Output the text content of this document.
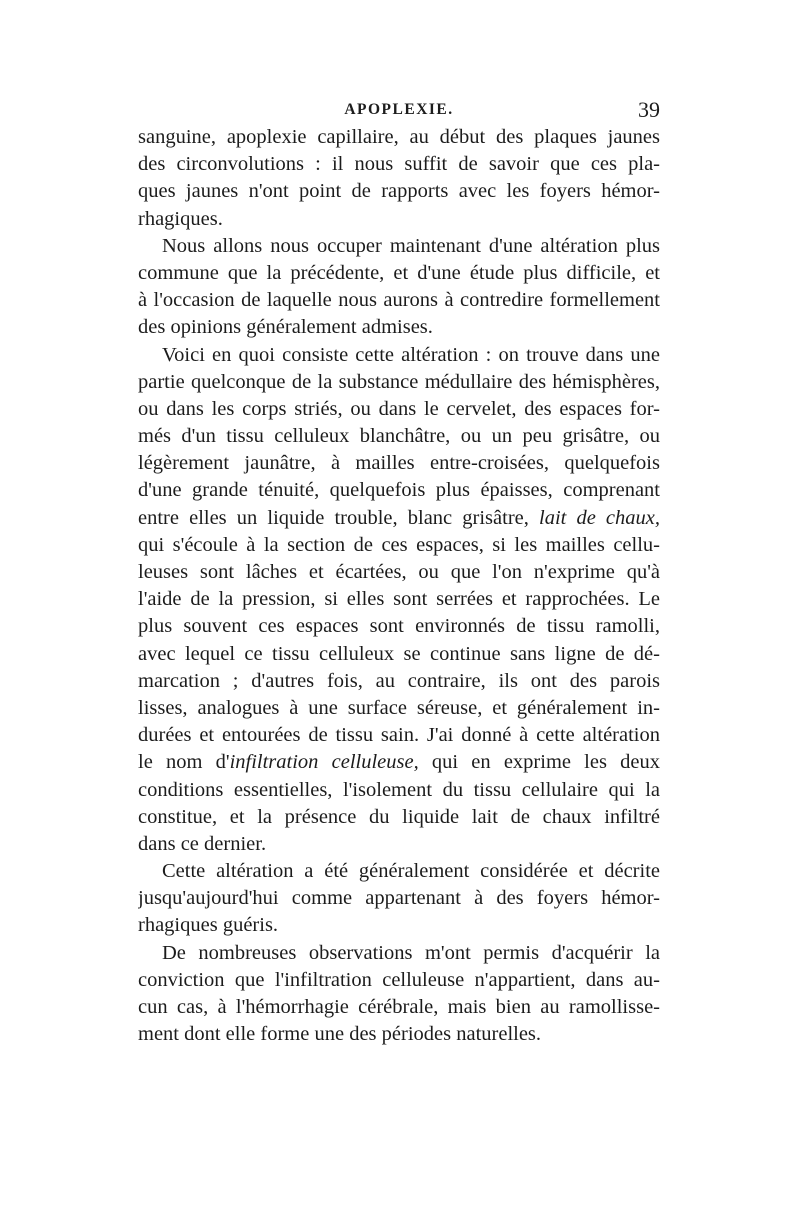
APOPLEXIE.	39
sanguine, apoplexie capillaire, au début des plaques jaunes
des circonvolutions : il nous suffit de savoir que ces pla-
ques jaunes n'ont point de rapports avec les foyers hémor-
rhagiques.
Nous allons nous occuper maintenant d'une altération plus
commune que la précédente, et d'une étude plus difficile, et
à l'occasion de laquelle nous aurons à contredire formellement
des opinions généralement admises.
Voici en quoi consiste cette altération : on trouve dans une
partie quelconque de la substance médullaire des hémisphères,
ou dans les corps striés, ou dans le cervelet, des espaces for-
més d'un tissu celluleux blanchâtre, ou un peu grisâtre, ou
légèrement jaunâtre, à mailles entre-croisées, quelquefois
d'une grande ténuité, quelquefois plus épaisses, comprenant
entre elles un liquide trouble, blanc grisâtre, lait de chaux,
qui s'écoule à la section de ces espaces, si les mailles cellu-
leuses sont lâches et écartées, ou que l'on n'exprime qu'à
l'aide de la pression, si elles sont serrées et rapprochées. Le
plus souvent ces espaces sont environnés de tissu ramolli,
avec lequel ce tissu celluleux se continue sans ligne de dé-
marcation ; d'autres fois, au contraire, ils ont des parois
lisses, analogues à une surface séreuse, et généralement in-
durées et entourées de tissu sain. J'ai donné à cette altération
le nom d'infiltration celluleuse, qui en exprime les deux
conditions essentielles, l'isolement du tissu cellulaire qui la
constitue, et la présence du liquide lait de chaux infiltré
dans ce dernier.
Cette altération a été généralement considérée et décrite
jusqu'aujourd'hui comme appartenant à des foyers hémor-
rhagiques guéris.
De nombreuses observations m'ont permis d'acquérir la
conviction que l'infiltration celluleuse n'appartient, dans au-
cun cas, à l'hémorrhagie cérébrale, mais bien au ramollisse-
ment dont elle forme une des périodes naturelles.
